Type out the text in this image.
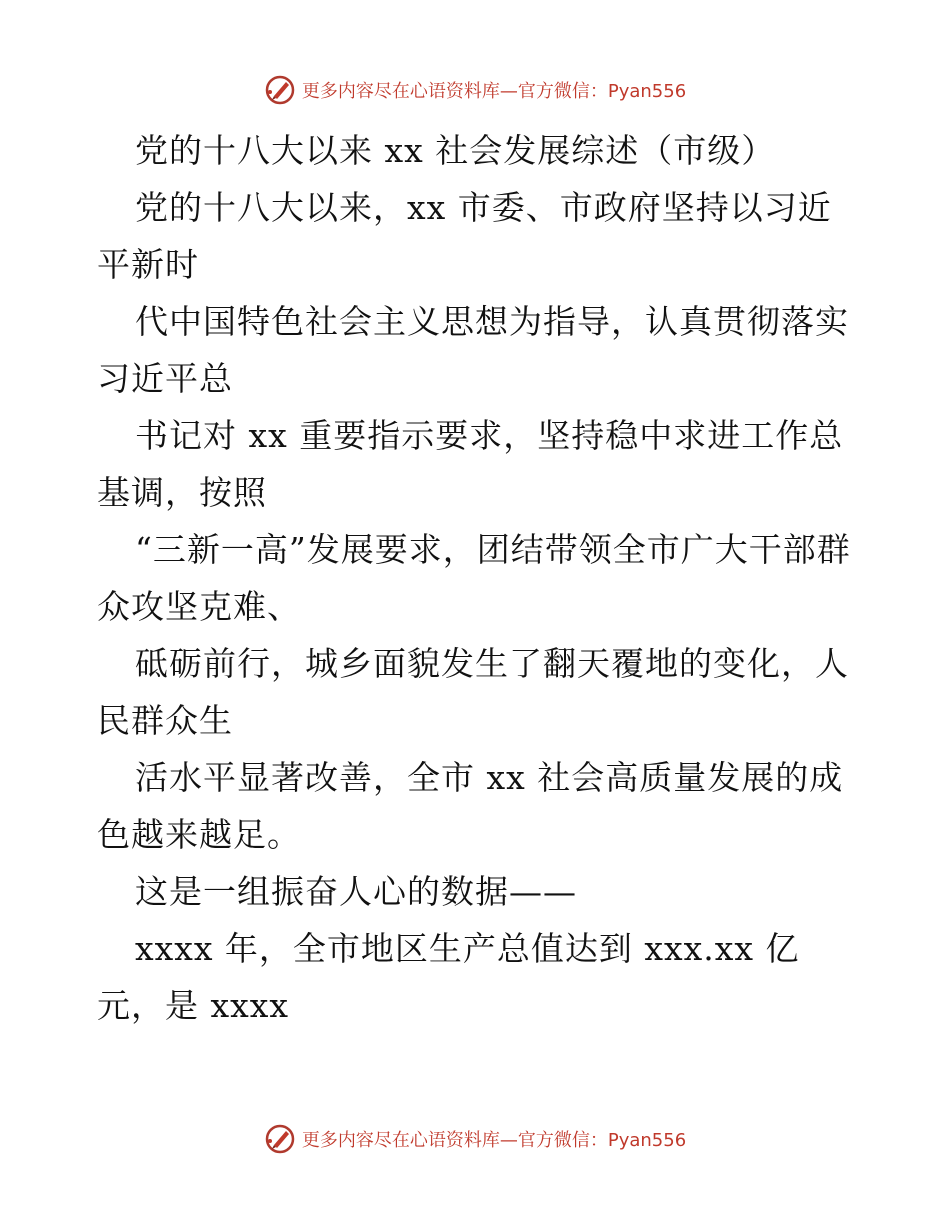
更多内容尽在心语资料库—官方微信：Pyan556

党的十八大以来 xx 社会发展综述（市级）

党的十八大以来，xx 市委、市政府坚持以习近平新时

代中国特色社会主义思想为指导，认真贯彻落实习近平总

书记对 xx 重要指示要求，坚持稳中求进工作总基调，按照

“三新一高”发展要求，团结带领全市广大干部群众攻坚克难、

砥砺前行，城乡面貌发生了翻天覆地的变化，人民群众生

活水平显著改善，全市 xx 社会高质量发展的成色越来越足。

这是一组振奋人心的数据——

xxxx 年，全市地区生产总值达到 xxx.xx 亿元，是 xxxx

更多内容尽在心语资料库—官方微信：Pyan556
